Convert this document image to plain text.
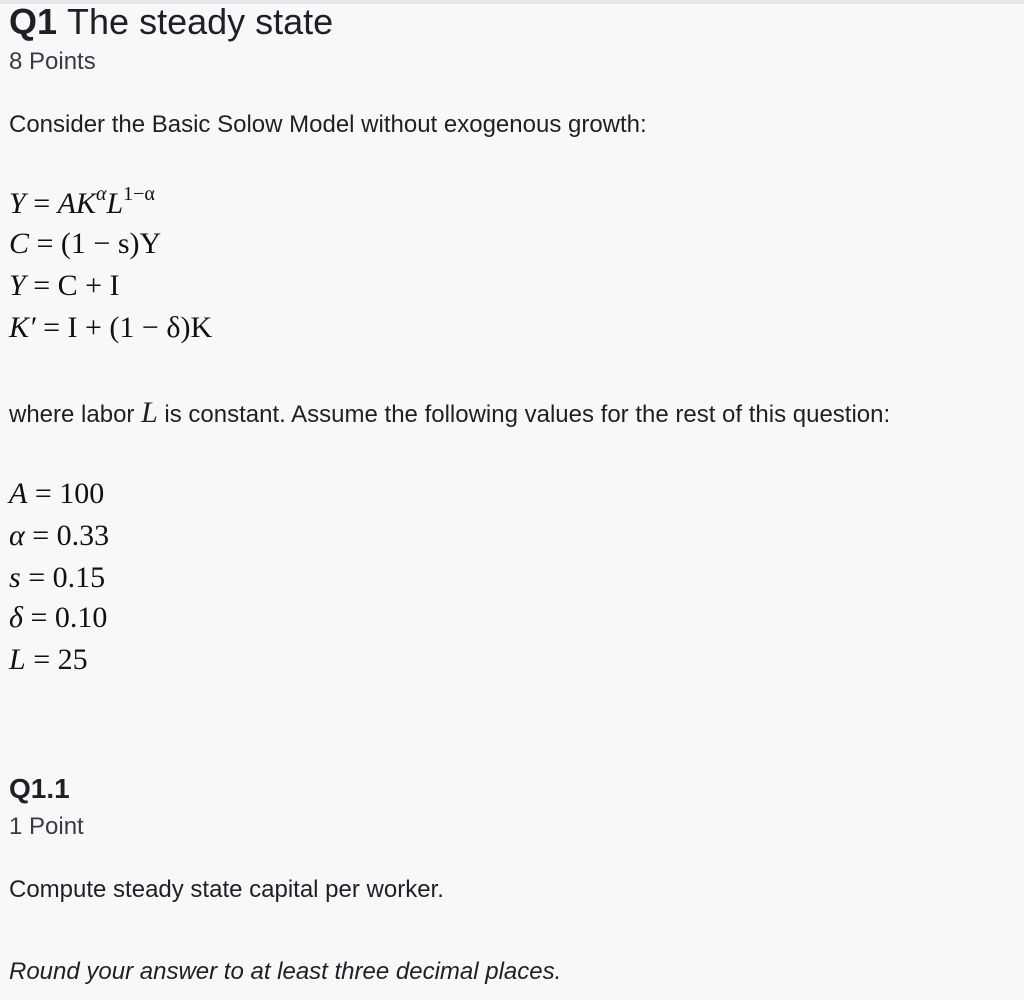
Q1 The steady state
8 Points
Consider the Basic Solow Model without exogenous growth:
$Y = AK^\alpha L^{1-\alpha}$
C = (1 − s)Y
Y = C + I
K′ = I + (1 − δ)K
where labor L is constant. Assume the following values for the rest of this question:
A = 100
α = 0.33
s = 0.15
δ = 0.10
L = 25
Q1.1
1 Point
Compute steady state capital per worker.
Round your answer to at least three decimal places.
